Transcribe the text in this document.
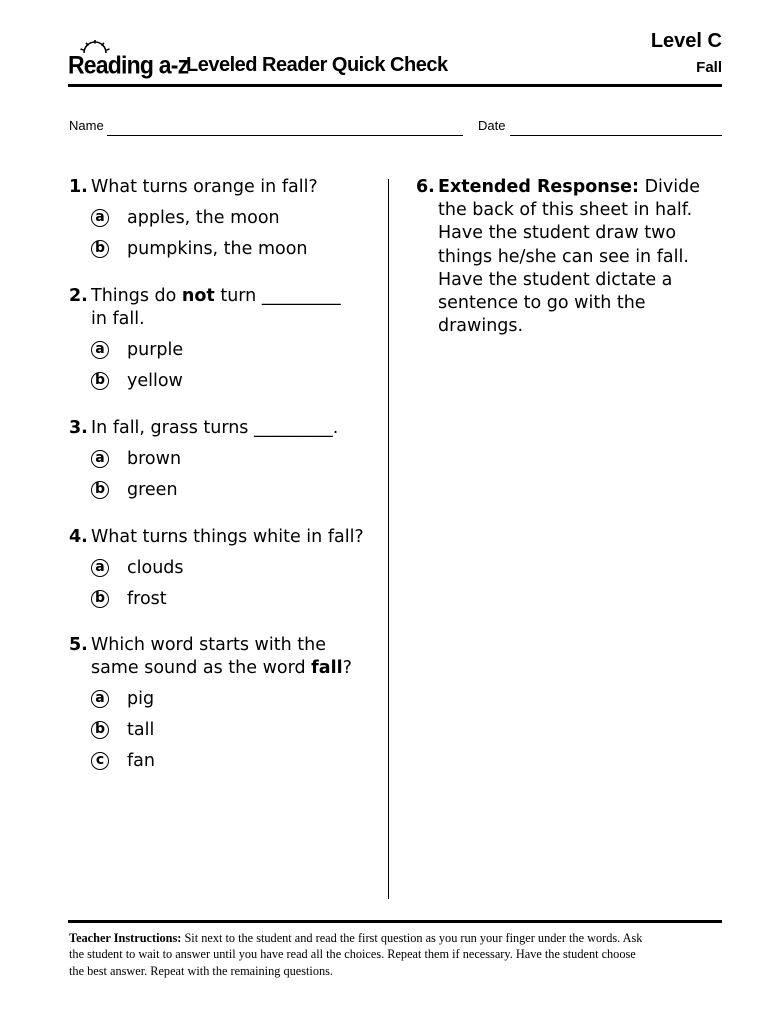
Reading a-z
Leveled Reader Quick Check
Level C
Fall
Name	Date
1. What turns orange in fall?
a apples, the moon
b pumpkins, the moon
2. Things do not turn _________
in fall.
a purple
b yellow
3. In fall, grass turns _________.
a brown
b green
4. What turns things white in fall?
a clouds
b frost
5. Which word starts with the
same sound as the word fall?
a pig
b tall
c fan
6. Extended Response: Divide
the back of this sheet in half.
Have the student draw two
things he/she can see in fall.
Have the student dictate a
sentence to go with the
drawings.
Teacher Instructions: Sit next to the student and read the first question as you run your finger under the words. Ask
the student to wait to answer until you have read all the choices. Repeat them if necessary. Have the student choose
the best answer. Repeat with the remaining questions.
